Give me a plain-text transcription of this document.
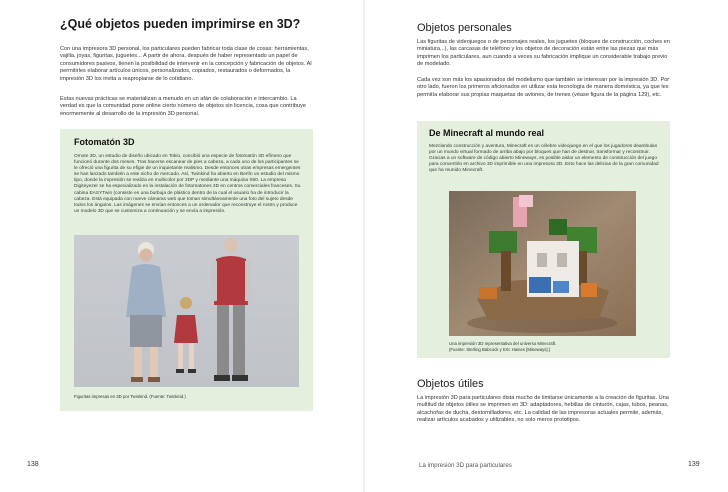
¿Qué objetos pueden imprimirse en 3D?

Con una impresora 3D personal, los particulares pueden fabricar toda clase de cosas: herramientas, vajilla, joyas, figuritas, juguetes... A partir de ahora, después de haber representado un papel de consumidores pasivos, tienen la posibilidad de intervenir en la concepción y fabricación de objetos. Al permitirles elaborar artículos únicos, personalizados, copiados, restaurados o deformados, la impresión 3D los invita a reapropiarse de lo cotidiano.

Estas nuevas prácticas se materializan a menudo en un afán de colaboración e intercambio. La verdad es que la comunidad pone online cierto número de objetos sin licencia, cosa que contribuye enormemente al desarrollo de la impresión 3D personal.

Fotomatón 3D

Omote 3D, un estudio de diseño ubicado en Tokio, concibió una especie de fotomatón 3D efímero que funcionó durante dos meses. Tras hacerse escanear de pies a cabeza, a cada uno de los participantes se le ofreció una figurita de su efigie de un inquietante realismo. Desde entonces otras empresas emergentes se han lanzado también a este nicho de mercado. Así, Twinkind ha abierto en Berlín un estudio del mismo tipo, donde la impresión se realiza en multicolor por 3DP y mediante una máquina X60. La empresa Digiteyezer se ha especializado en la instalación de fotomatones 3D en centros comerciales franceses. Su cabina EASYTwin (consiste en una burbuja de plástico dentro de la cual el usuario ha de introducir la cabeza. Está equipada con nueve cámaras web que toman simultáneamente una foto del sujeto desde todos los ángulos. Las imágenes se envían entonces a un ordenador que reconstruye el rostro y produce un modelo 3D que se customiza a continuación y se envía a impresión.

Figuritas impresas en 3D por Twinkind. (Fuente: Twinkind.)

138
Objetos personales

Las figuritas de videojuegos o de personajes reales, los juguetes (bloques de construcción, coches en miniatura...), las carcasas de teléfono y los objetos de decoración están entre las piezas que más imprimen los particulares, aun cuando a veces su fabricación implique un considerable trabajo previo de modelado.

Cada vez son más los apasionados del modelismo que también se interesan por la impresión 3D. Por otro lado, fueron los primeros aficionados en utilizar esta tecnología de manera doméstica, ya que les permitía elaborar sus propias maquetas de aviones, de trenes (véase figura de la página 129), etc.

De Minecraft al mundo real

Mezclando construcción y aventura, Minecraft es un célebre videojuego en el que los jugadores deambulan por un mundo virtual formado de arriba abajo por bloques que han de destruir, transformar y reconstruir. Gracias a un software de código abierto Mineways, es posible aislar un elemento de construcción del juego para convertirlo en archivo 3D imprimible en una impresora 3D. Esto hace las delicias de la gran comunidad que ha reunido Minecraft.

Una impresión 3D representativa del universo Minecraft.

(Fuente: Sterling Babcock y Eric Haines [Mineways].)

Objetos útiles

La impresión 3D para particulares dista mucho de limitarse únicamente a la creación de figuritas. Una multitud de objetos útiles se imprimen en 3D: adaptadores, hebillas de cinturón, cajas, tubos, peanas, alcachofas de ducha, destornilladores, etc. La calidad de las impresoras actuales permite, además, realizar artículos acabados y utilizables, no solo meros prototipos.

La impresión 3D para particulares	139
